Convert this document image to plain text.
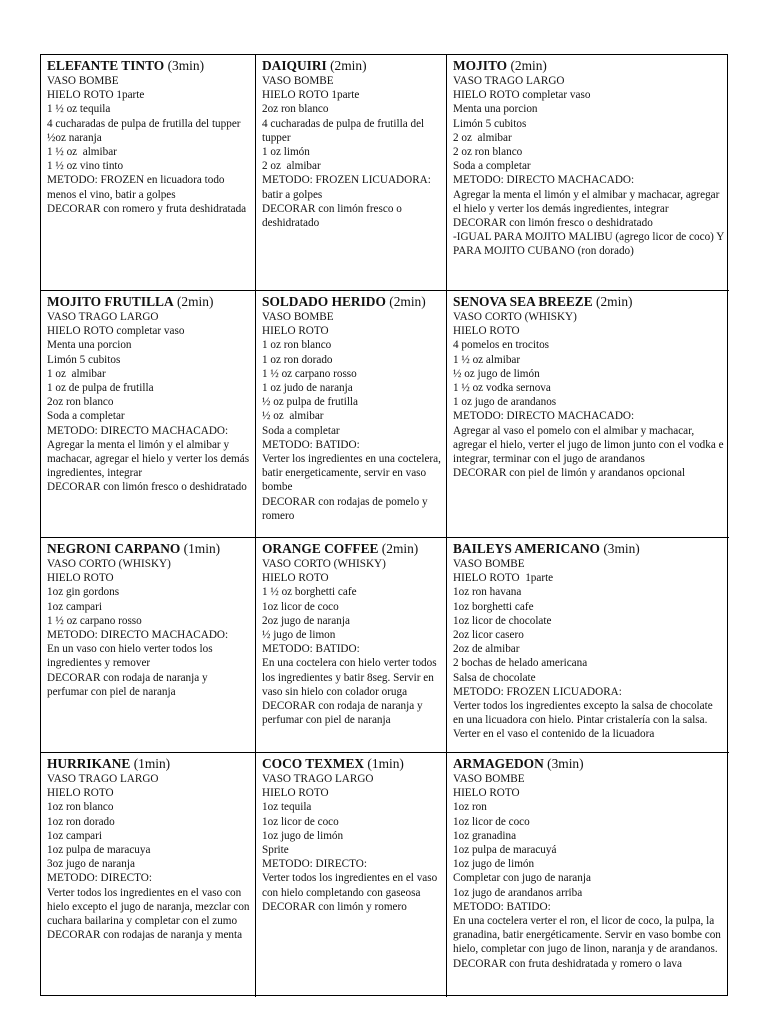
ELEFANTE TINTO (3min)
VASO BOMBE
HIELO ROTO 1parte
1 ½ oz tequila
4 cucharadas de pulpa de frutilla del tupper
½oz naranja
1 ½ oz  almibar
1 ½ oz vino tinto
METODO: FROZEN en licuadora todo menos el vino, batir a golpes
DECORAR con romero y fruta deshidratada
DAIQUIRI (2min)
VASO BOMBE
HIELO ROTO 1parte
2oz ron blanco
4 cucharadas de pulpa de frutilla del tupper
1 oz limón
2 oz  almibar
METODO: FROZEN LICUADORA:
batir a golpes
DECORAR con limón fresco o deshidratado
MOJITO (2min)
VASO TRAGO LARGO
HIELO ROTO completar vaso
Menta una porcion
Limón 5 cubitos
2 oz  almibar
2 oz ron blanco
Soda a completar
METODO: DIRECTO MACHACADO:
Agregar la menta el limón y el almibar y machacar, agregar el hielo y verter los demás ingredientes, integrar
DECORAR con limón fresco o deshidratado
-IGUAL PARA MOJITO MALIBU (agrego licor de coco) Y PARA MOJITO CUBANO (ron dorado)
MOJITO FRUTILLA (2min)
VASO TRAGO LARGO
HIELO ROTO completar vaso
Menta una porcion
Limón 5 cubitos
1 oz  almibar
1 oz de pulpa de frutilla
2oz ron blanco
Soda a completar
METODO: DIRECTO MACHACADO:
Agregar la menta el limón y el almibar y machacar, agregar el hielo y verter los demás ingredientes, integrar
DECORAR con limón fresco o deshidratado
SOLDADO HERIDO (2min)
VASO BOMBE
HIELO ROTO
1 oz ron blanco
1 oz ron dorado
1 ½ oz carpano rosso
1 oz judo de naranja
½ oz pulpa de frutilla
½ oz  almibar
Soda a completar
METODO: BATIDO:
Verter los ingredientes en una coctelera, batir energeticamente, servir en vaso bombe
DECORAR con rodajas de pomelo y romero
SENOVA SEA BREEZE (2min)
VASO CORTO (WHISKY)
HIELO ROTO
4 pomelos en trocitos
1 ½ oz almibar
½ oz jugo de limón
1 ½ oz vodka sernova
1 oz jugo de arandanos
METODO: DIRECTO MACHACADO:
Agregar al vaso el pomelo con el almibar y machacar, agregar el hielo, verter el jugo de limon junto con el vodka e integrar, terminar con el jugo de arandanos
DECORAR con piel de limón y arandanos opcional
NEGRONI CARPANO (1min)
VASO CORTO (WHISKY)
HIELO ROTO
1oz gin gordons
1oz campari
1 ½ oz carpano rosso
METODO: DIRECTO MACHACADO:
En un vaso con hielo verter todos los ingredientes y remover
DECORAR con rodaja de naranja y perfumar con piel de naranja
ORANGE COFFEE (2min)
VASO CORTO (WHISKY)
HIELO ROTO
1 ½ oz borghetti cafe
1oz licor de coco
2oz jugo de naranja
½ jugo de limon
METODO: BATIDO:
En una coctelera con hielo verter todos los ingredientes y batir 8seg. Servir en vaso sin hielo con colador oruga
DECORAR con rodaja de naranja y perfumar con piel de naranja
BAILEYS AMERICANO (3min)
VASO BOMBE
HIELO ROTO  1parte
1oz ron havana
1oz borghetti cafe
1oz licor de chocolate
2oz licor casero
2oz de almibar
2 bochas de helado americana
Salsa de chocolate
METODO: FROZEN LICUADORA:
Verter todos los ingredientes excepto la salsa de chocolate en una licuadora con hielo. Pintar cristalería con la salsa. Verter en el vaso el contenido de la licuadora
HURRIKANE (1min)
VASO TRAGO LARGO
HIELO ROTO
1oz ron blanco
1oz ron dorado
1oz campari
1oz pulpa de maracuya
3oz jugo de naranja
METODO: DIRECTO:
Verter todos los ingredientes en el vaso con hielo excepto el jugo de naranja, mezclar con cuchara bailarina y completar con el zumo
DECORAR con rodajas de naranja y menta
COCO TEXMEX (1min)
VASO TRAGO LARGO
HIELO ROTO
1oz tequila
1oz licor de coco
1oz jugo de limón
Sprite
METODO: DIRECTO:
Verter todos los ingredientes en el vaso con hielo completando con gaseosa
DECORAR con limón y romero
ARMAGEDON (3min)
VASO BOMBE
HIELO ROTO
1oz ron
1oz licor de coco
1oz granadina
1oz pulpa de maracuyá
1oz jugo de limón
Completar con jugo de naranja
1oz jugo de arandanos arriba
METODO: BATIDO:
En una coctelera verter el ron, el licor de coco, la pulpa, la granadina, batir energéticamente. Servir en vaso bombe con hielo, completar con jugo de linon, naranja y de arandanos.
DECORAR con fruta deshidratada y romero o lava
